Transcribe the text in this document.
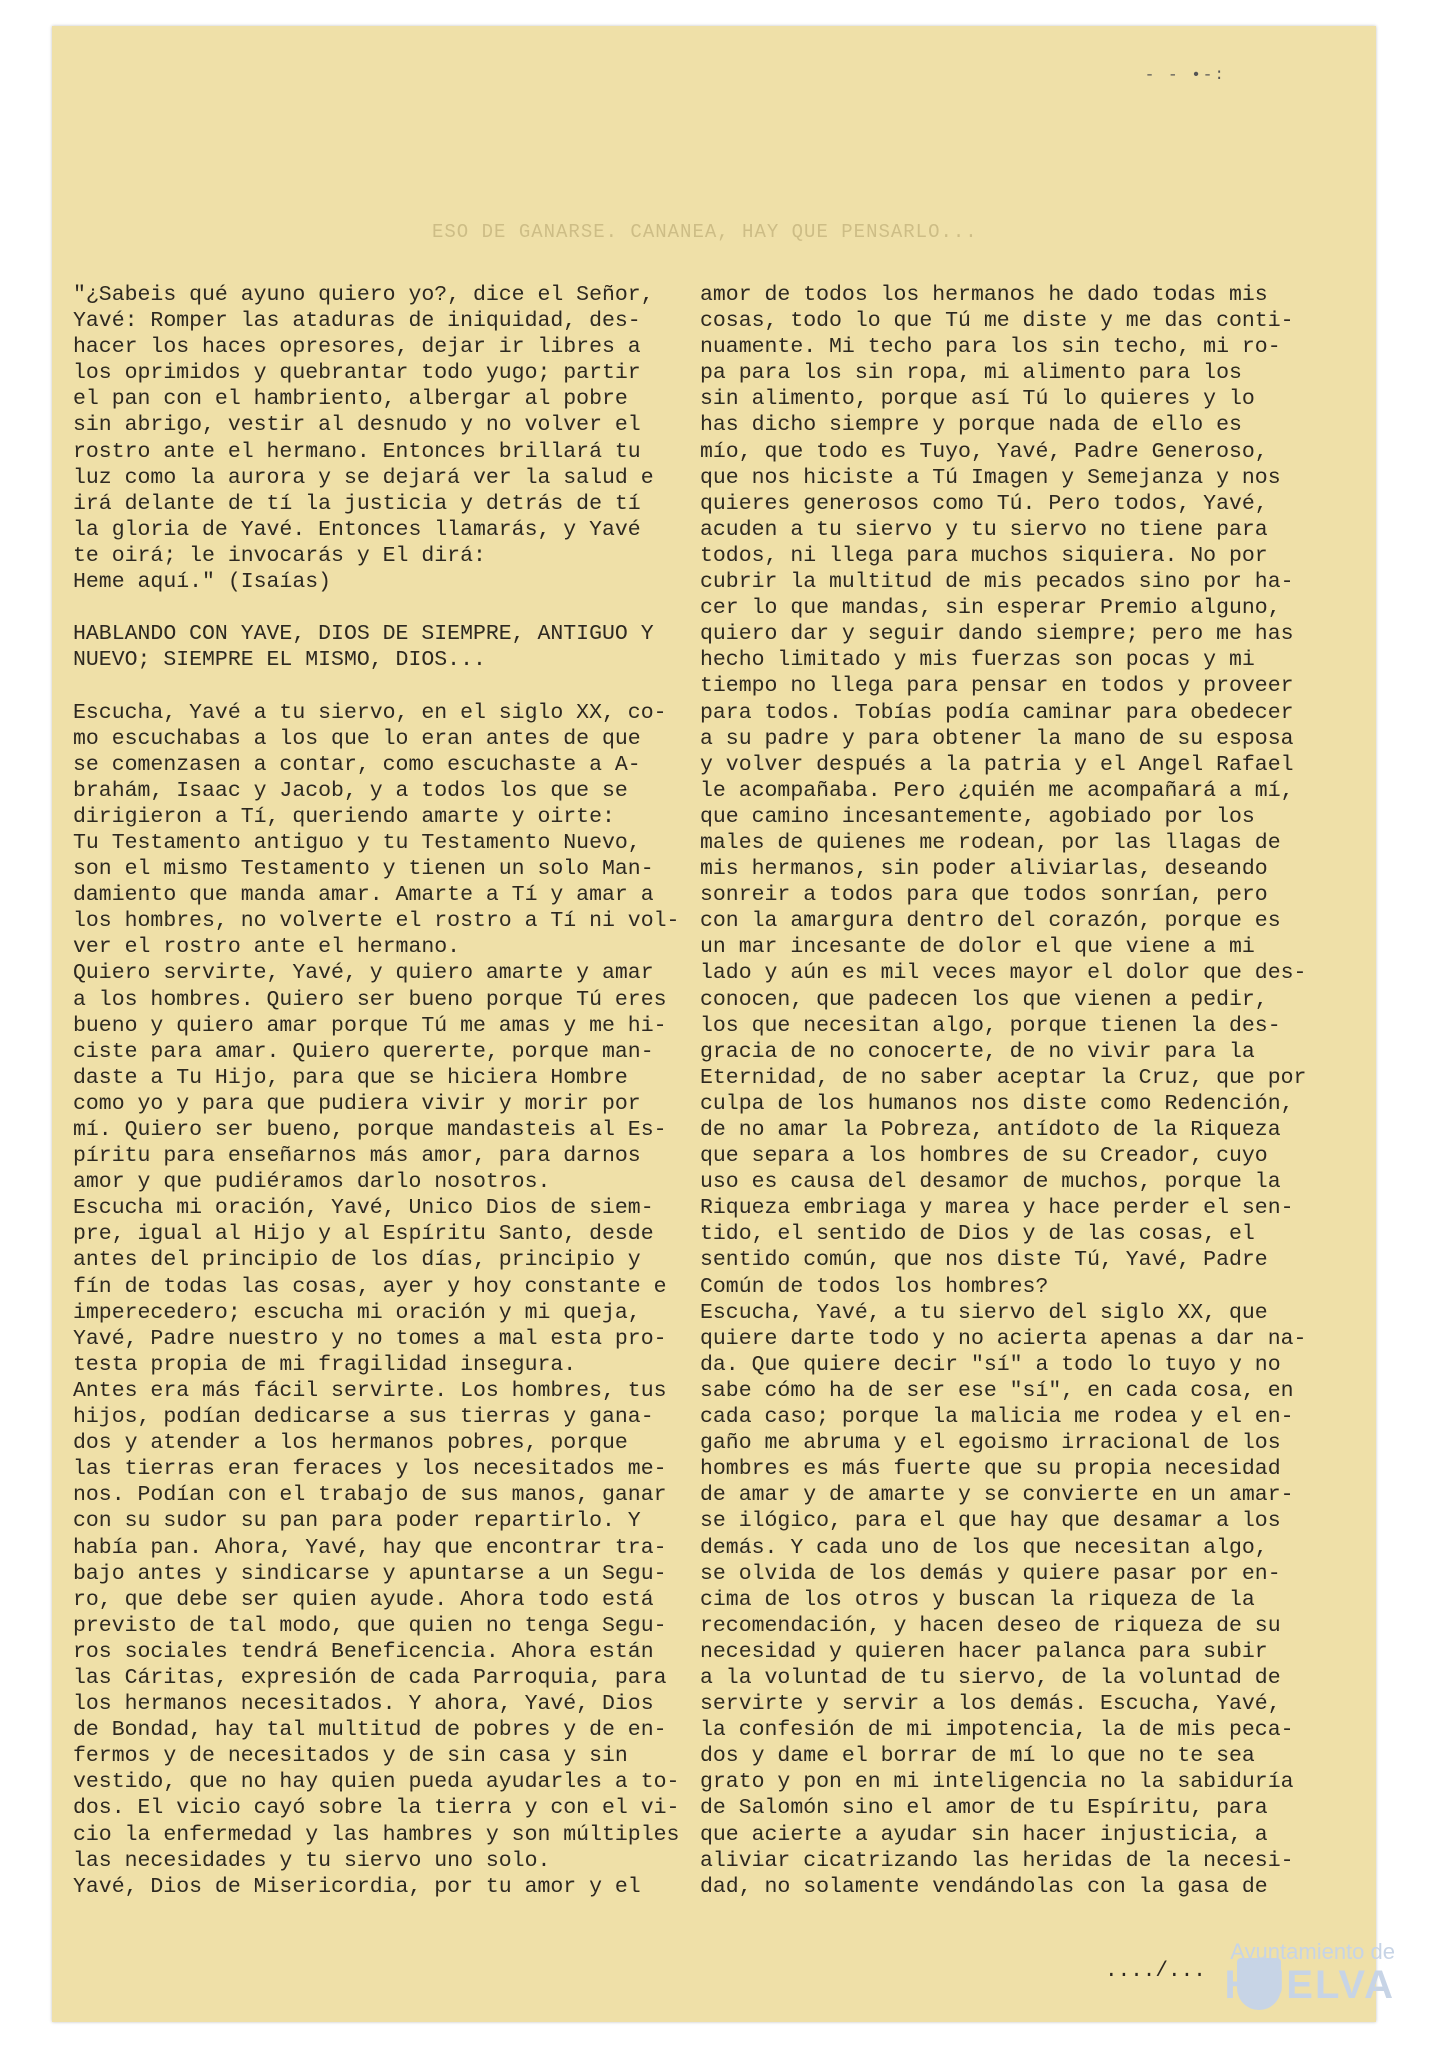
- - •-:
ESO DE GANARSE. CANANEA, HAY QUE PENSARLO...
"¿Sabeis qué ayuno quiero yo?, dice el Señor,
Yavé: Romper las ataduras de iniquidad, des-
hacer los haces opresores, dejar ir libres a
los oprimidos y quebrantar todo yugo; partir
el pan con el hambriento, albergar al pobre
sin abrigo, vestir al desnudo y no volver el
rostro ante el hermano. Entonces brillará tu
luz como la aurora y se dejará ver la salud e
irá delante de tí la justicia y detrás de tí
la gloria de Yavé. Entonces llamarás, y Yavé
te oirá; le invocarás y El dirá:
Heme aquí." (Isaías)
HABLANDO CON YAVE, DIOS DE SIEMPRE, ANTIGUO Y
NUEVO; SIEMPRE EL MISMO, DIOS...
Escucha, Yavé a tu siervo, en el siglo XX, co-
mo escuchabas a los que lo eran antes de que
se comenzasen a contar, como escuchaste a A-
brahám, Isaac y Jacob, y a todos los que se
dirigieron a Tí, queriendo amarte y oirte:
Tu Testamento antiguo y tu Testamento Nuevo,
son el mismo Testamento y tienen un solo Man-
damiento que manda amar. Amarte a Tí y amar a
los hombres, no volverte el rostro a Tí ni vol-
ver el rostro ante el hermano.
Quiero servirte, Yavé, y quiero amarte y amar
a los hombres. Quiero ser bueno porque Tú eres
bueno y quiero amar porque Tú me amas y me hi-
ciste para amar. Quiero quererte, porque man-
daste a Tu Hijo, para que se hiciera Hombre
como yo y para que pudiera vivir y morir por
mí. Quiero ser bueno, porque mandasteis al Es-
píritu para enseñarnos más amor, para darnos
amor y que pudiéramos darlo nosotros.
Escucha mi oración, Yavé, Unico Dios de siem-
pre, igual al Hijo y al Espíritu Santo, desde
antes del principio de los días, principio y
fín de todas las cosas, ayer y hoy constante e
imperecedero; escucha mi oración y mi queja,
Yavé, Padre nuestro y no tomes a mal esta pro-
testa propia de mi fragilidad insegura.
Antes era más fácil servirte. Los hombres, tus
hijos, podían dedicarse a sus tierras y gana-
dos y atender a los hermanos pobres, porque
las tierras eran feraces y los necesitados me-
nos. Podían con el trabajo de sus manos, ganar
con su sudor su pan para poder repartirlo. Y
había pan. Ahora, Yavé, hay que encontrar tra-
bajo antes y sindicarse y apuntarse a un Segu-
ro, que debe ser quien ayude. Ahora todo está
previsto de tal modo, que quien no tenga Segu-
ros sociales tendrá Beneficencia. Ahora están
las Cáritas, expresión de cada Parroquia, para
los hermanos necesitados. Y ahora, Yavé, Dios
de Bondad, hay tal multitud de pobres y de en-
fermos y de necesitados y de sin casa y sin
vestido, que no hay quien pueda ayudarles a to-
dos. El vicio cayó sobre la tierra y con el vi-
cio la enfermedad y las hambres y son múltiples
las necesidades y tu siervo uno solo.
Yavé, Dios de Misericordia, por tu amor y el
amor de todos los hermanos he dado todas mis
cosas, todo lo que Tú me diste y me das conti-
nuamente. Mi techo para los sin techo, mi ro-
pa para los sin ropa, mi alimento para los
sin alimento, porque así Tú lo quieres y lo
has dicho siempre y porque nada de ello es
mío, que todo es Tuyo, Yavé, Padre Generoso,
que nos hiciste a Tú Imagen y Semejanza y nos
quieres generosos como Tú. Pero todos, Yavé,
acuden a tu siervo y tu siervo no tiene para
todos, ni llega para muchos siquiera. No por
cubrir la multitud de mis pecados sino por ha-
cer lo que mandas, sin esperar Premio alguno,
quiero dar y seguir dando siempre; pero me has
hecho limitado y mis fuerzas son pocas y mi
tiempo no llega para pensar en todos y proveer
para todos. Tobías podía caminar para obedecer
a su padre y para obtener la mano de su esposa
y volver después a la patria y el Angel Rafael
le acompañaba. Pero ¿quién me acompañará a mí,
que camino incesantemente, agobiado por los
males de quienes me rodean, por las llagas de
mis hermanos, sin poder aliviarlas, deseando
sonreir a todos para que todos sonrían, pero
con la amargura dentro del corazón, porque es
un mar incesante de dolor el que viene a mi
lado y aún es mil veces mayor el dolor que des-
conocen, que padecen los que vienen a pedir,
los que necesitan algo, porque tienen la des-
gracia de no conocerte, de no vivir para la
Eternidad, de no saber aceptar la Cruz, que por
culpa de los humanos nos diste como Redención,
de no amar la Pobreza, antídoto de la Riqueza
que separa a los hombres de su Creador, cuyo
uso es causa del desamor de muchos, porque la
Riqueza embriaga y marea y hace perder el sen-
tido, el sentido de Dios y de las cosas, el
sentido común, que nos diste Tú, Yavé, Padre
Común de todos los hombres?
Escucha, Yavé, a tu siervo del siglo XX, que
quiere darte todo y no acierta apenas a dar na-
da. Que quiere decir "sí" a todo lo tuyo y no
sabe cómo ha de ser ese "sí", en cada cosa, en
cada caso; porque la malicia me rodea y el en-
gaño me abruma y el egoismo irracional de los
hombres es más fuerte que su propia necesidad
de amar y de amarte y se convierte en un amar-
se ilógico, para el que hay que desamar a los
demás. Y cada uno de los que necesitan algo,
se olvida de los demás y quiere pasar por en-
cima de los otros y buscan la riqueza de la
recomendación, y hacen deseo de riqueza de su
necesidad y quieren hacer palanca para subir
a la voluntad de tu siervo, de la voluntad de
servirte y servir a los demás. Escucha, Yavé,
la confesión de mi impotencia, la de mis peca-
dos y dame el borrar de mí lo que no te sea
grato y pon en mi inteligencia no la sabiduría
de Salomón sino el amor de tu Espíritu, para
que acierte a ayudar sin hacer injusticia, a
aliviar cicatrizando las heridas de la necesi-
dad, no solamente vendándolas con la gasa de
..../...
Ayuntamiento de
HUELVA
